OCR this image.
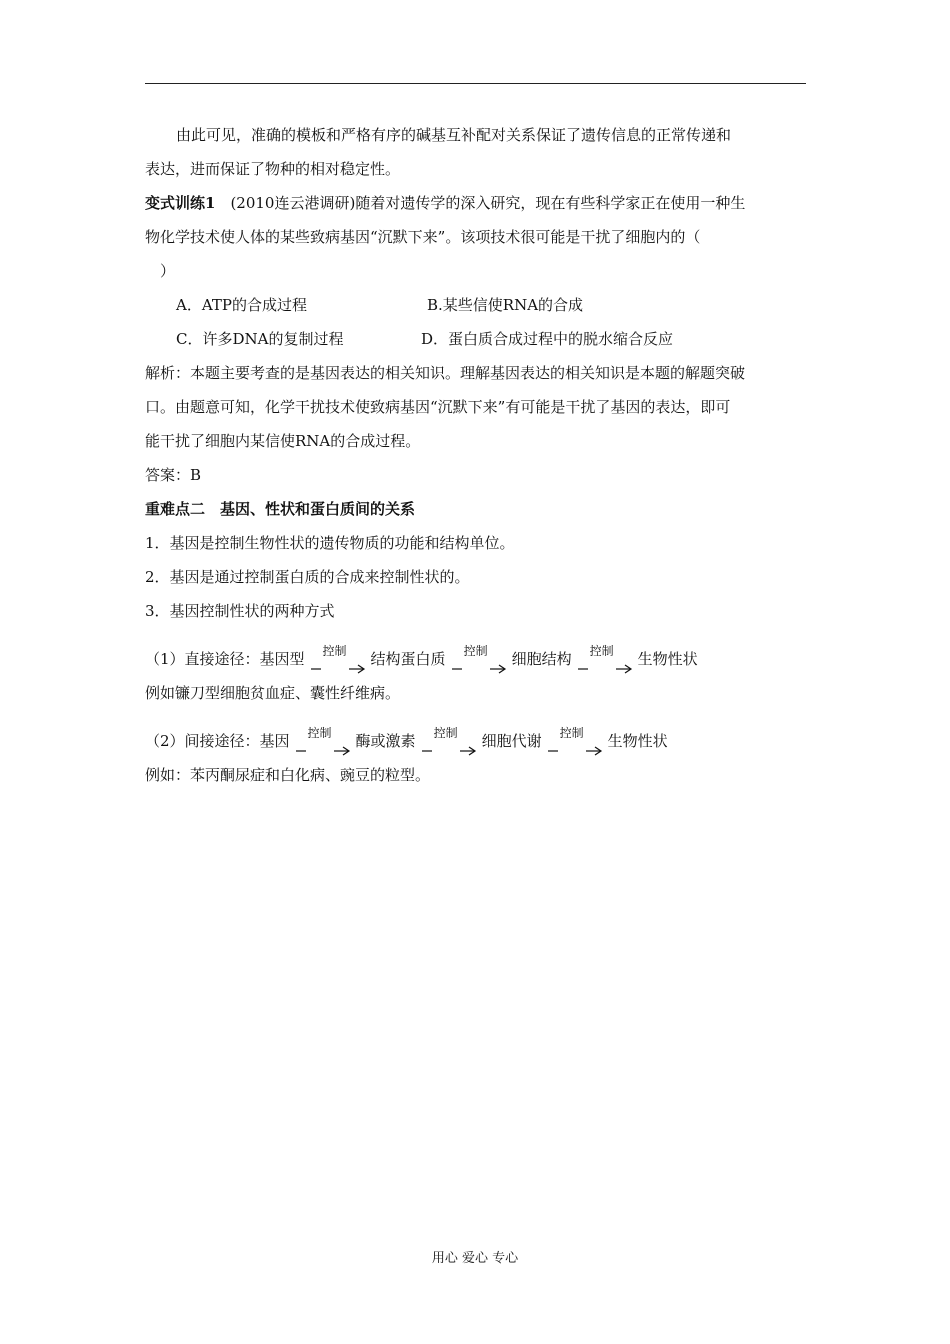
由此可见，准确的模板和严格有序的碱基互补配对关系保证了遗传信息的正常传递和
表达，进而保证了物种的相对稳定性。
变式训练1　(2010连云港调研)随着对遗传学的深入研究，现在有些科学家正在使用一种生
物化学技术使人体的某些致病基因“沉默下来”。该项技术很可能是干扰了细胞内的（
　）
A．ATP的合成过程	B.某些信使RNA的合成
C．许多DNA的复制过程	D．蛋白质合成过程中的脱水缩合反应
解析：本题主要考查的是基因表达的相关知识。理解基因表达的相关知识是本题的解题突破
口。由题意可知，化学干扰技术使致病基因“沉默下来”有可能是干扰了基因的表达，即可
能干扰了细胞内某信使RNA的合成过程。
答案：B
重难点二　基因、性状和蛋白质间的关系
1．基因是控制生物性状的遗传物质的功能和结构单位。
2．基因是通过控制蛋白质的合成来控制性状的。
3．基因控制性状的两种方式
（1）直接途径：基因型 控制 结构蛋白质 控制 细胞结构 控制 生物性状
例如镰刀型细胞贫血症、囊性纤维病。
（2）间接途径：基因 控制 酶或激素 控制 细胞代谢 控制 生物性状
例如：苯丙酮尿症和白化病、豌豆的粒型。
用心 爱心 专心
